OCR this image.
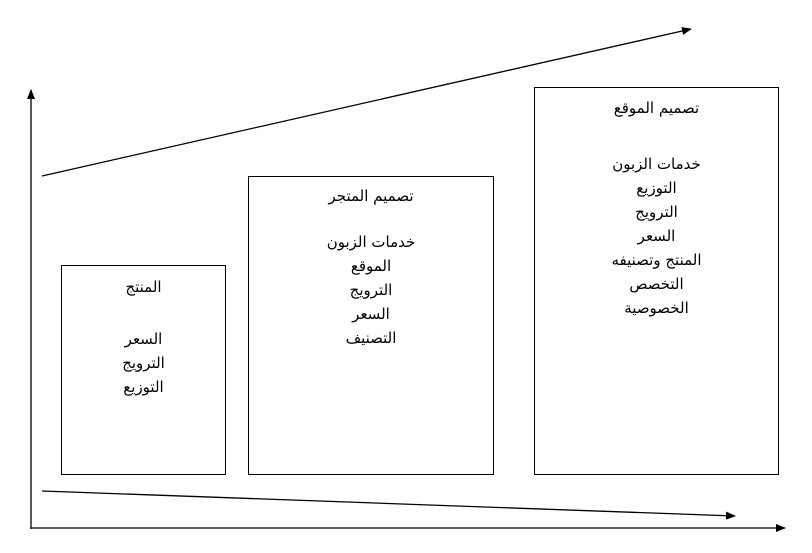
المنتج
السعر
الترويج
التوزيع
تصميم المتجر
خدمات الزبون
الموقع
الترويج
السعر
التصنيف
تصميم الموقع
خدمات الزبون
التوزيع
الترويج
السعر
المنتج وتصنيفه
التخصص
الخصوصية
